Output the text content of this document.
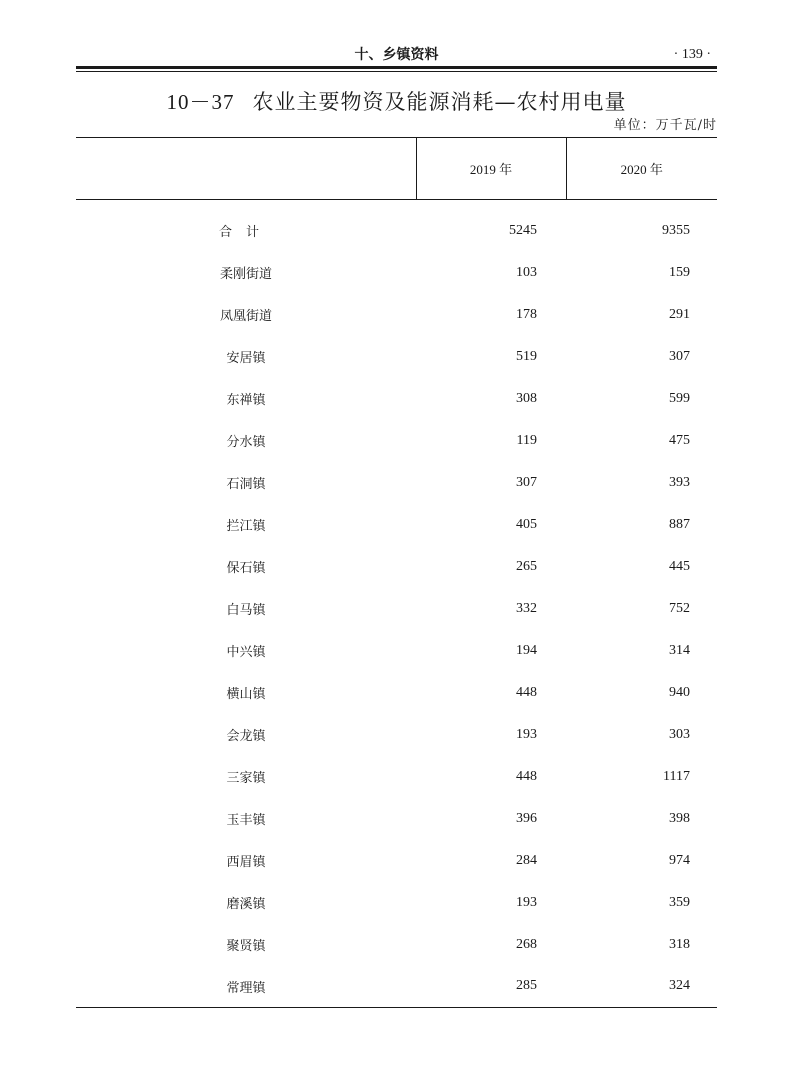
十、乡镇资料	· 139 ·
10－37 农业主要物资及能源消耗—农村用电量
单位：万千瓦/时
	2019 年	2020 年

合计	5245	9355
柔刚街道	103	159
凤凰街道	178	291
安居镇	519	307
东禅镇	308	599
分水镇	119	475
石洞镇	307	393
拦江镇	405	887
保石镇	265	445
白马镇	332	752
中兴镇	194	314
横山镇	448	940
会龙镇	193	303
三家镇	448	1117
玉丰镇	396	398
西眉镇	284	974
磨溪镇	193	359
聚贤镇	268	318
常理镇	285	324
